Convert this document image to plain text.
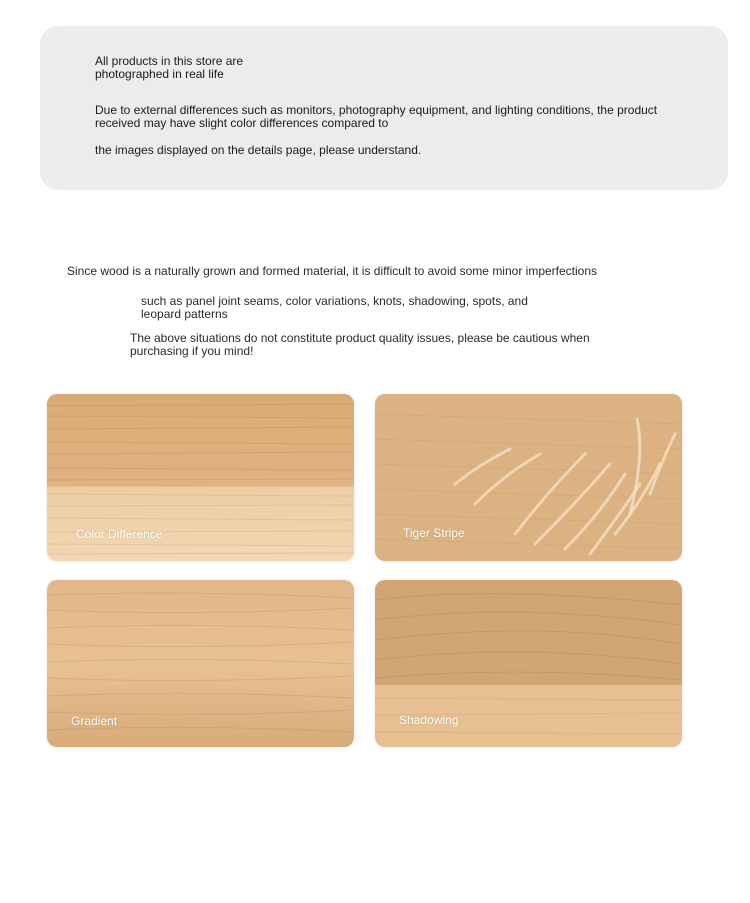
All products in this store are
photographed in real life

Due to external differences such as monitors, photography equipment, and lighting conditions, the product received may have slight color differences compared to

the images displayed on the details page, please understand.

Since wood is a naturally grown and formed material, it is difficult to avoid some minor imperfections

such as panel joint seams, color variations, knots, shadowing, spots, and leopard patterns

The above situations do not constitute product quality issues, please be cautious when purchasing if you mind!

Color Difference	Tiger Stripe
Gradient	Shadowing
